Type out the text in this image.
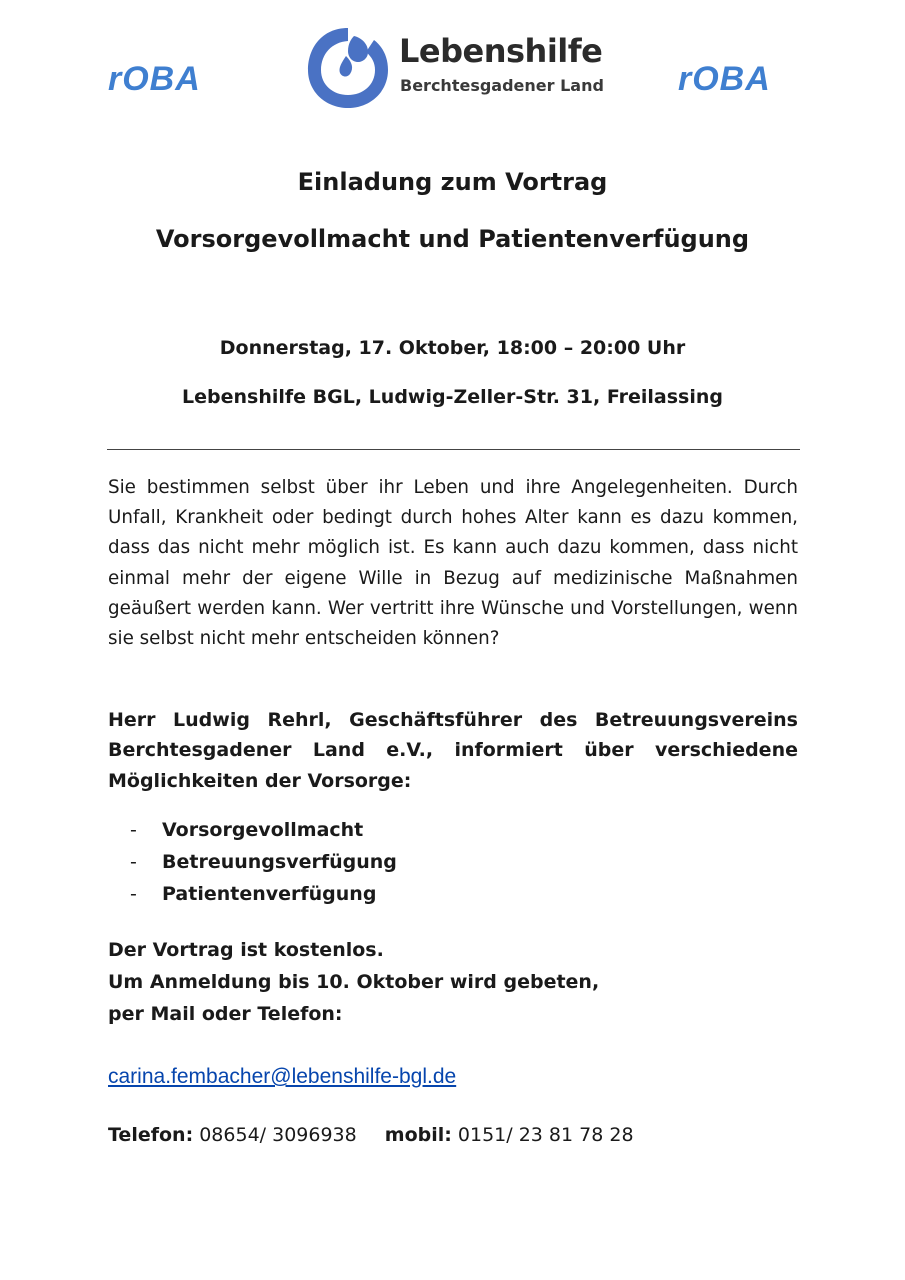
rOBA
Lebenshilfe
Berchtesgadener Land rOBA
Einladung zum Vortrag
Vorsorgevollmacht und Patientenverfügung
Donnerstag, 17. Oktober, 18:00 – 20:00 Uhr
Lebenshilfe BGL, Ludwig-Zeller-Str. 31, Freilassing
Sie bestimmen selbst über ihr Leben und ihre Angelegenheiten. Durch Unfall, Krankheit oder bedingt durch hohes Alter kann es dazu kommen, dass das nicht mehr möglich ist. Es kann auch dazu kommen, dass nicht einmal mehr der eigene Wille in Bezug auf medizinische Maßnahmen geäußert werden kann. Wer vertritt ihre Wünsche und Vorstellungen, wenn sie selbst nicht mehr entscheiden können?
Herr Ludwig Rehrl, Geschäftsführer des Betreuungsvereins Berchtesgadener Land e.V., informiert über verschiedene Möglichkeiten der Vorsorge:
- Vorsorgevollmacht
- Betreuungsverfügung
- Patientenverfügung
Der Vortrag ist kostenlos.
Um Anmeldung bis 10. Oktober wird gebeten,
per Mail oder Telefon:
carina.fembacher@lebenshilfe-bgl.de
Telefon: 08654/ 3096938 mobil: 0151/ 23 81 78 28
